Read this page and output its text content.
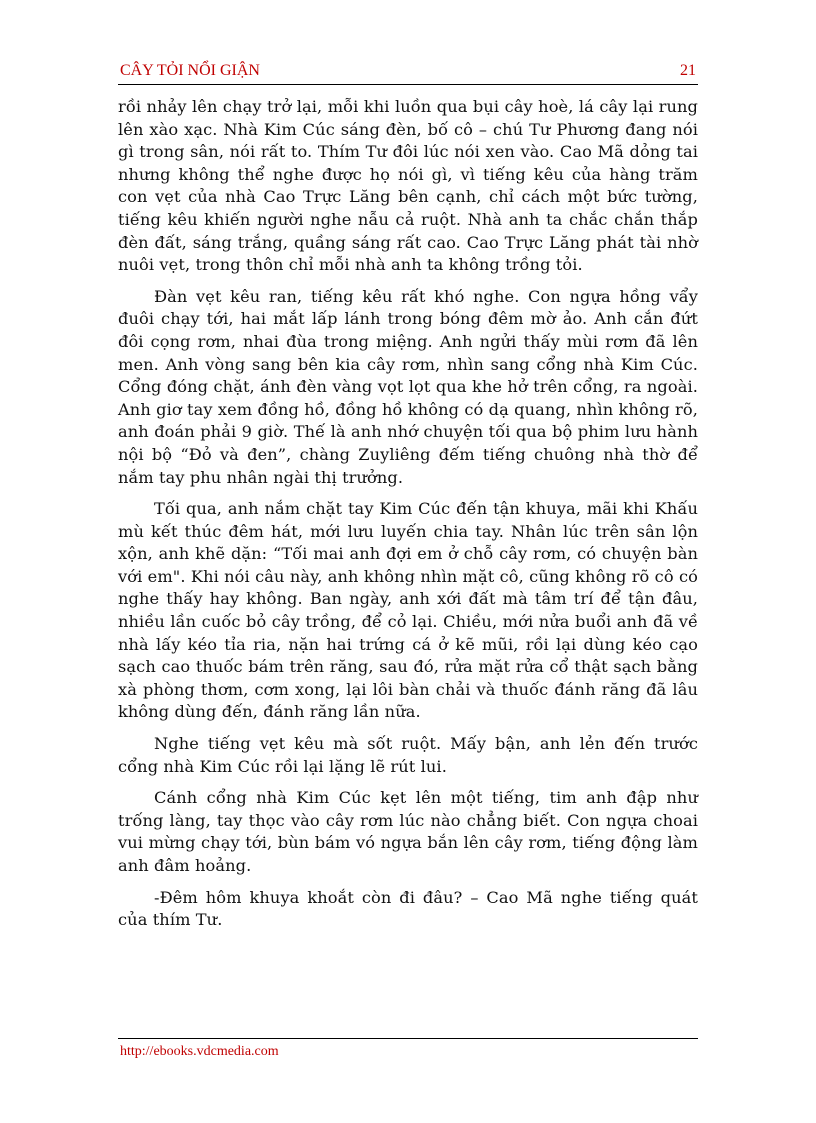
CÂY TỎI NỔI GIẬN	21

rồi nhảy lên chạy trở lại, mỗi khi luồn qua bụi cây hoè, lá cây lại rung lên xào xạc. Nhà Kim Cúc sáng đèn, bố cô – chú Tư Phương đang nói gì trong sân, nói rất to. Thím Tư đôi lúc nói xen vào. Cao Mã dỏng tai nhưng không thể nghe được họ nói gì, vì tiếng kêu của hàng trăm con vẹt của nhà Cao Trực Lăng bên cạnh, chỉ cách một bức tường, tiếng kêu khiến người nghe nẫu cả ruột. Nhà anh ta chắc chắn thắp đèn đất, sáng trắng, quầng sáng rất cao. Cao Trực Lăng phát tài nhờ nuôi vẹt, trong thôn chỉ mỗi nhà anh ta không trồng tỏi.

Đàn vẹt kêu ran, tiếng kêu rất khó nghe. Con ngựa hồng vẩy đuôi chạy tới, hai mắt lấp lánh trong bóng đêm mờ ảo. Anh cắn đứt đôi cọng rơm, nhai đùa trong miệng. Anh ngửi thấy mùi rơm đã lên men. Anh vòng sang bên kia cây rơm, nhìn sang cổng nhà Kim Cúc. Cổng đóng chặt, ánh đèn vàng vọt lọt qua khe hở trên cổng, ra ngoài. Anh giơ tay xem đồng hồ, đồng hồ không có dạ quang, nhìn không rõ, anh đoán phải 9 giờ. Thế là anh nhớ chuyện tối qua bộ phim lưu hành nội bộ “Đỏ và đen”, chàng Zuyliêng đếm tiếng chuông nhà thờ để nắm tay phu nhân ngài thị trưởng.

Tối qua, anh nắm chặt tay Kim Cúc đến tận khuya, mãi khi Khấu mù kết thúc đêm hát, mới lưu luyến chia tay. Nhân lúc trên sân lộn xộn, anh khẽ dặn: “Tối mai anh đợi em ở chỗ cây rơm, có chuyện bàn với em". Khi nói câu này, anh không nhìn mặt cô, cũng không rõ cô có nghe thấy hay không. Ban ngày, anh xới đất mà tâm trí để tận đâu, nhiều lần cuốc bỏ cây trồng, để cỏ lại. Chiều, mới nửa buổi anh đã về nhà lấy kéo tỉa ria, nặn hai trứng cá ở kẽ mũi, rồi lại dùng kéo cạo sạch cao thuốc bám trên răng, sau đó, rửa mặt rửa cổ thật sạch bằng xà phòng thơm, cơm xong, lại lôi bàn chải và thuốc đánh răng đã lâu không dùng đến, đánh răng lần nữa.

Nghe tiếng vẹt kêu mà sốt ruột. Mấy bận, anh lẻn đến trước cổng nhà Kim Cúc rồi lại lặng lẽ rút lui.

Cánh cổng nhà Kim Cúc kẹt lên một tiếng, tim anh đập như trống làng, tay thọc vào cây rơm lúc nào chẳng biết. Con ngựa choai vui mừng chạy tới, bùn bám vó ngựa bắn lên cây rơm, tiếng động làm anh đâm hoảng.

-Đêm hôm khuya khoắt còn đi đâu? – Cao Mã nghe tiếng quát của thím Tư.

http://ebooks.vdcmedia.com
